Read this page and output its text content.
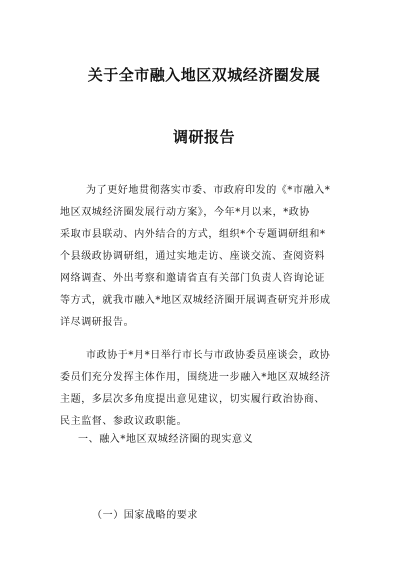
关于全市融入地区双城经济圈发展
调研报告
为了更好地贯彻落实市委、市政府印发的《*市融入*
地区双城经济圈发展行动方案》，今年*月以来，*政协
采取市县联动、内外结合的方式，组织*个专题调研组和*
个县级政协调研组，通过实地走访、座谈交流、查阅资料
网络调查、外出考察和邀请省直有关部门负责人咨询论证
等方式，就我市融入*地区双城经济圈开展调查研究并形成
详尽调研报告。
市政协于*月*日举行市长与市政协委员座谈会，政协
委员们充分发挥主体作用，围绕进一步融入*地区双城经济
主题，多层次多角度提出意见建议，切实履行政治协商、
民主监督、参政议政职能。

一、融入*地区双城经济圈的现实意义

（一）国家战略的要求
